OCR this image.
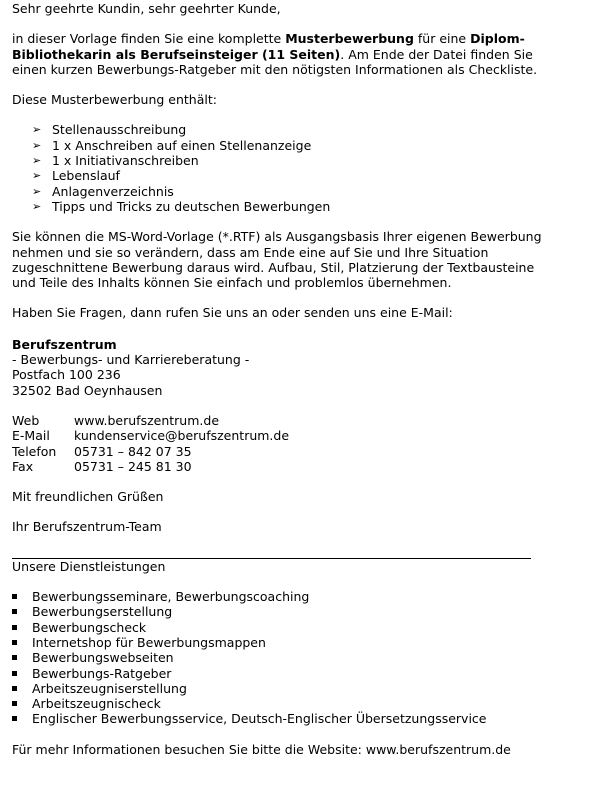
Sehr geehrte Kundin, sehr geehrter Kunde,

in dieser Vorlage finden Sie eine komplette Musterbewerbung für eine Diplom-Bibliothekarin als Berufseinsteiger (11 Seiten). Am Ende der Datei finden Sie einen kurzen Bewerbungs-Ratgeber mit den nötigsten Informationen als Checkliste.

Diese Musterbewerbung enthält:

➢ Stellenausschreibung
➢ 1 x Anschreiben auf einen Stellenanzeige
➢ 1 x Initiativanschreiben
➢ Lebenslauf
➢ Anlagenverzeichnis
➢ Tipps und Tricks zu deutschen Bewerbungen

Sie können die MS-Word-Vorlage (*.RTF) als Ausgangsbasis Ihrer eigenen Bewerbung nehmen und sie so verändern, dass am Ende eine auf Sie und Ihre Situation zugeschnittene Bewerbung daraus wird. Aufbau, Stil, Platzierung der Textbausteine und Teile des Inhalts können Sie einfach und problemlos übernehmen.

Haben Sie Fragen, dann rufen Sie uns an oder senden uns eine E-Mail:

Berufszentrum
- Bewerbungs- und Karriereberatung -
Postfach 100 236
32502 Bad Oeynhausen
Web	www.berufszentrum.de
E-Mail	kundenservice@berufszentrum.de
Telefon	05731 – 842 07 35
Fax	05731 – 245 81 30

Mit freundlichen Grüßen

Ihr Berufszentrum-Team

Unsere Dienstleistungen

Bewerbungsseminare, Bewerbungscoaching
Bewerbungserstellung
Bewerbungscheck
Internetshop für Bewerbungsmappen
Bewerbungswebseiten
Bewerbungs-Ratgeber
Arbeitszeugniserstellung
Arbeitszeugnischeck
Englischer Bewerbungsservice, Deutsch-Englischer Übersetzungsservice

Für mehr Informationen besuchen Sie bitte die Website: www.berufszentrum.de
